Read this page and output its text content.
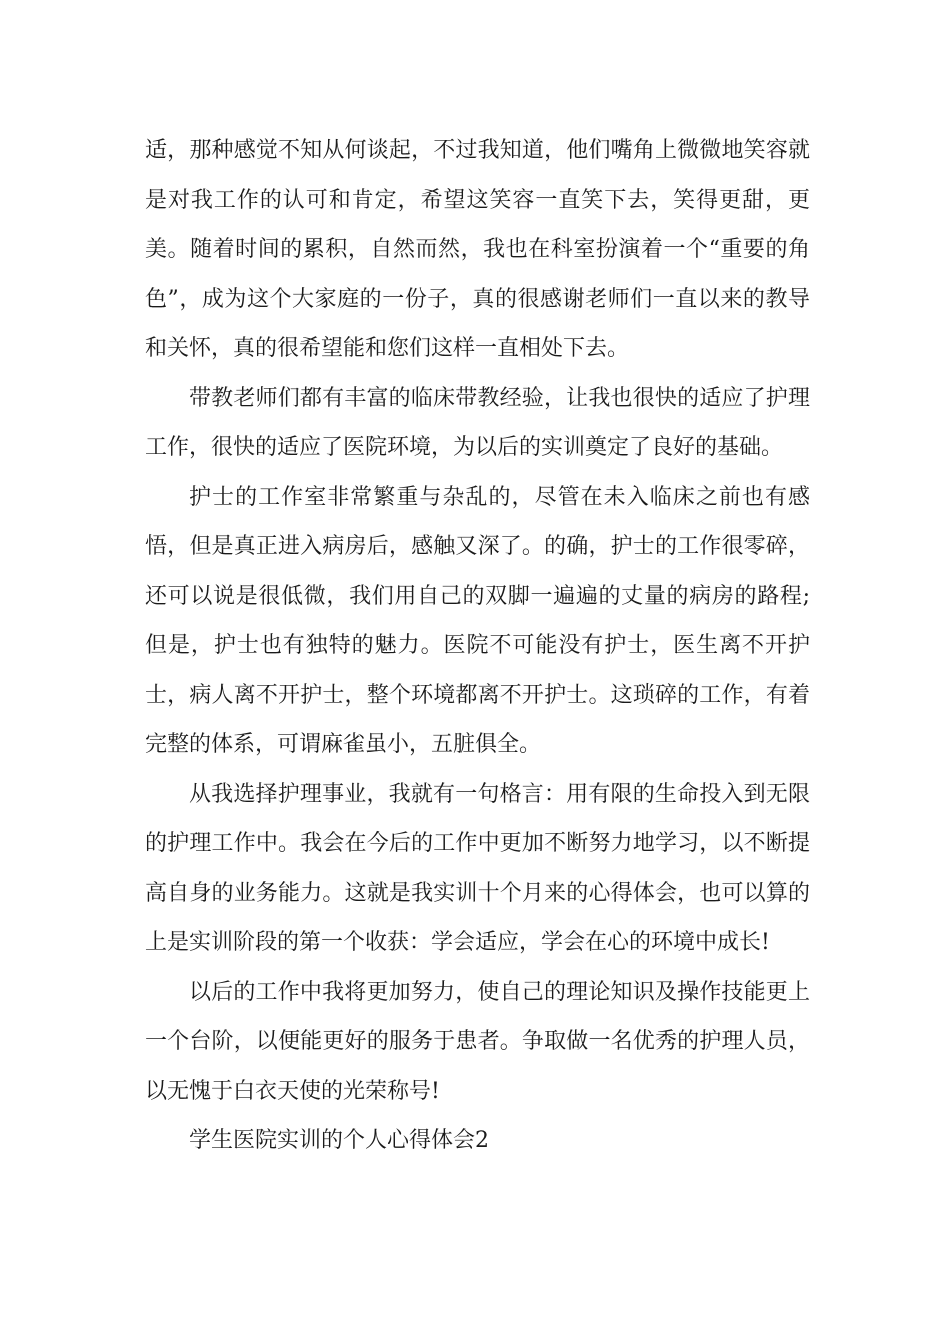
适，那种感觉不知从何谈起，不过我知道，他们嘴角上微微地笑容就是对我工作的认可和肯定，希望这笑容一直笑下去，笑得更甜，更美。随着时间的累积，自然而然，我也在科室扮演着一个“重要的角色”，成为这个大家庭的一份子，真的很感谢老师们一直以来的教导和关怀，真的很希望能和您们这样一直相处下去。

带教老师们都有丰富的临床带教经验，让我也很快的适应了护理工作，很快的适应了医院环境，为以后的实训奠定了良好的基础。

护士的工作室非常繁重与杂乱的，尽管在未入临床之前也有感悟，但是真正进入病房后，感触又深了。的确，护士的工作很零碎，还可以说是很低微，我们用自己的双脚一遍遍的丈量的病房的路程;但是，护士也有独特的魅力。医院不可能没有护士，医生离不开护士，病人离不开护士，整个环境都离不开护士。这琐碎的工作，有着完整的体系，可谓麻雀虽小，五脏俱全。

从我选择护理事业，我就有一句格言：用有限的生命投入到无限的护理工作中。我会在今后的工作中更加不断努力地学习，以不断提高自身的业务能力。这就是我实训十个月来的心得体会，也可以算的上是实训阶段的第一个收获：学会适应，学会在心的环境中成长!

以后的工作中我将更加努力，使自己的理论知识及操作技能更上一个台阶，以便能更好的服务于患者。争取做一名优秀的护理人员，以无愧于白衣天使的光荣称号!

学生医院实训的个人心得体会2
